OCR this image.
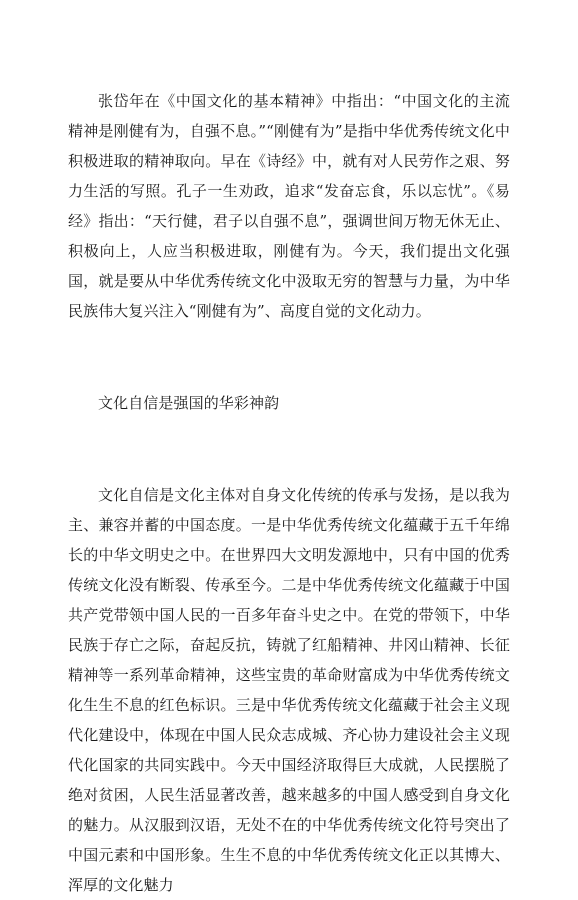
张岱年在《中国文化的基本精神》中指出：“中国文化的主流精神是刚健有为，自强不息。”“刚健有为”是指中华优秀传统文化中积极进取的精神取向。早在《诗经》中，就有对人民劳作之艰、努力生活的写照。孔子一生劝政，追求“发奋忘食，乐以忘忧”。《易经》指出：“天行健，君子以自强不息”，强调世间万物无休无止、积极向上，人应当积极进取，刚健有为。今天，我们提出文化强国，就是要从中华优秀传统文化中汲取无穷的智慧与力量，为中华民族伟大复兴注入“刚健有为”、高度自觉的文化动力。

文化自信是强国的华彩神韵

文化自信是文化主体对自身文化传统的传承与发扬，是以我为主、兼容并蓄的中国态度。一是中华优秀传统文化蕴藏于五千年绵长的中华文明史之中。在世界四大文明发源地中，只有中国的优秀传统文化没有断裂、传承至今。二是中华优秀传统文化蕴藏于中国共产党带领中国人民的一百多年奋斗史之中。在党的带领下，中华民族于存亡之际，奋起反抗，铸就了红船精神、井冈山精神、长征精神等一系列革命精神，这些宝贵的革命财富成为中华优秀传统文化生生不息的红色标识。三是中华优秀传统文化蕴藏于社会主义现代化建设中，体现在中国人民众志成城、齐心协力建设社会主义现代化国家的共同实践中。今天中国经济取得巨大成就，人民摆脱了绝对贫困，人民生活显著改善，越来越多的中国人感受到自身文化的魅力。从汉服到汉语，无处不在的中华优秀传统文化符号突出了中国元素和中国形象。生生不息的中华优秀传统文化正以其博大、浑厚的文化魅力
